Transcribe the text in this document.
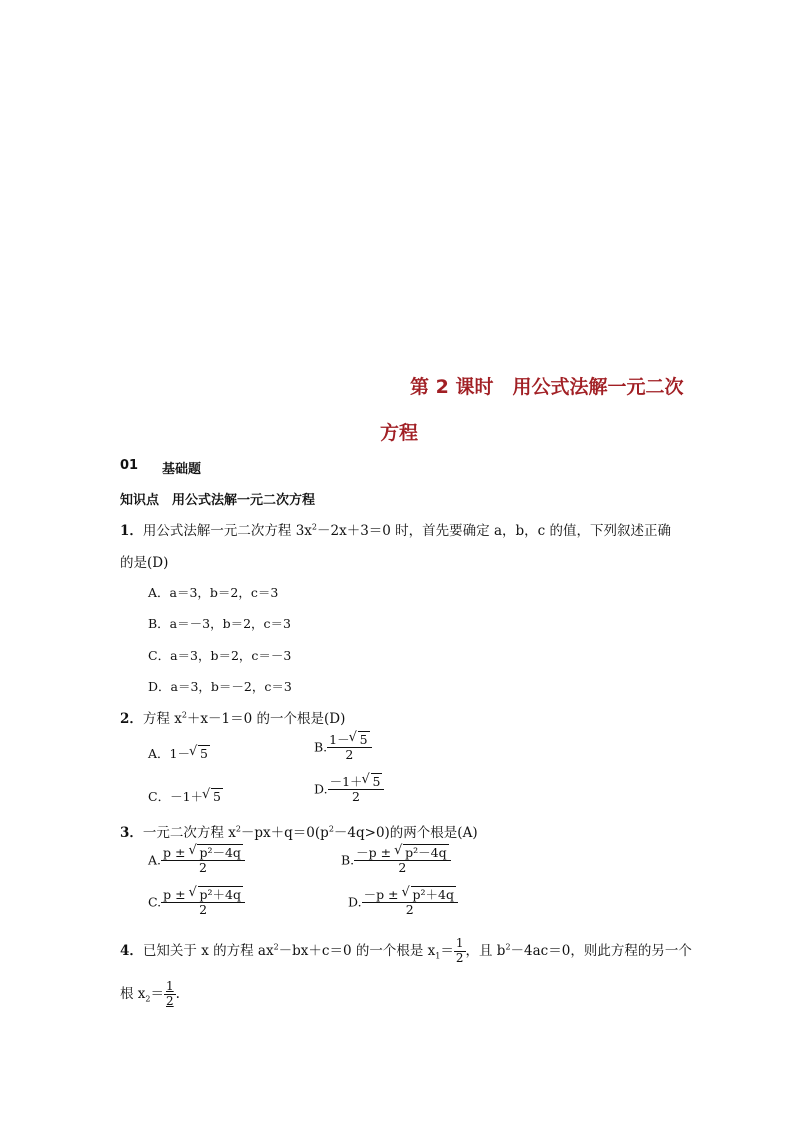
第 2 课时　用公式法解一元二次
方程
01 基础题
知识点　用公式法解一元二次方程
1．用公式法解一元二次方程 $3x^2-2x+3=0$ 时，首先要确定 a，b，c 的值，下列叙述正确
的是(D)
A．a＝3，b＝2，c＝3
B．a＝－3，b＝2，c＝3
C．a＝3，b＝2，c＝－3
D．a＝3，b＝－2，c＝3
2．方程 $x^2+x-1=0$ 的一个根是(D)
A．1－ √ 5	B. $\frac{1- √ 5}{2}$
C．－1＋ √ 5
D. $\frac{-1+ √ 5}{2}$
3．一元二次方程 $x^2-px+q=0(p^2-4q>0)$的两个根是(A)
A. $\frac{\text{p ± √ p²－4q}}{2}$	B. $\frac{\text{－p ± √ p²－4q}}{2}$
C. $\frac{\text{p ± √ p²＋4q}}{2}$	D. $\frac{\text{－p ± √ p²＋4q}}{2}$
4．已知关于 x 的方程 $ax^2-bx+c=0$ 的一个根是 $x_1= \frac{1}{2}$ ，且 $b^2-4ac=0$，则此方程的另一个
根 $x_2= \frac{1}{2}$ .
